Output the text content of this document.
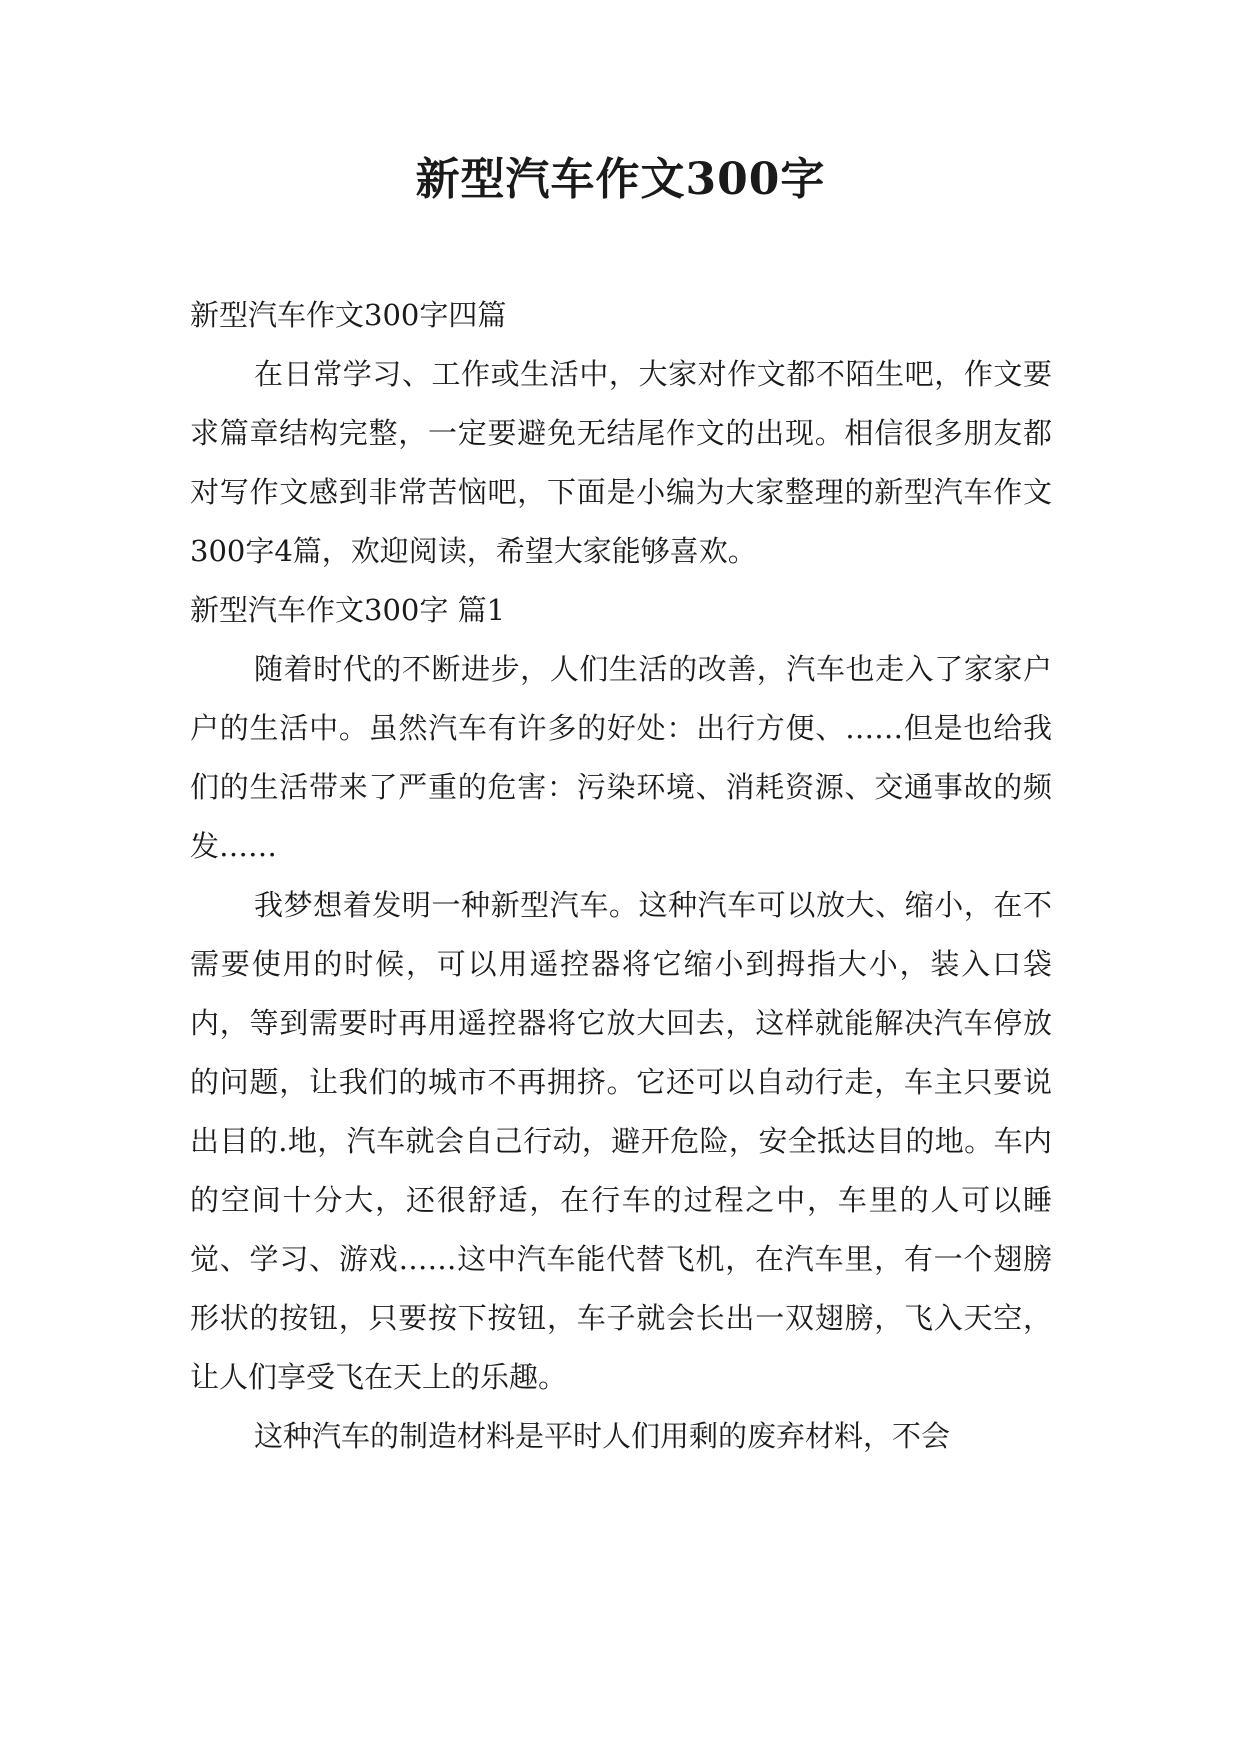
新型汽车作文300字

新型汽车作文300字四篇

在日常学习、工作或生活中，大家对作文都不陌生吧，作文要求篇章结构完整，一定要避免无结尾作文的出现。相信很多朋友都对写作文感到非常苦恼吧，下面是小编为大家整理的新型汽车作文300字4篇，欢迎阅读，希望大家能够喜欢。

新型汽车作文300字 篇1

随着时代的不断进步，人们生活的改善，汽车也走入了家家户户的生活中。虽然汽车有许多的好处：出行方便、……但是也给我们的生活带来了严重的危害：污染环境、消耗资源、交通事故的频发……

我梦想着发明一种新型汽车。这种汽车可以放大、缩小，在不需要使用的时候，可以用遥控器将它缩小到拇指大小，装入口袋内，等到需要时再用遥控器将它放大回去，这样就能解决汽车停放的问题，让我们的城市不再拥挤。它还可以自动行走，车主只要说出目的.地，汽车就会自己行动，避开危险，安全抵达目的地。车内的空间十分大，还很舒适，在行车的过程之中，车里的人可以睡觉、学习、游戏……这中汽车能代替飞机，在汽车里，有一个翅膀形状的按钮，只要按下按钮，车子就会长出一双翅膀，飞入天空，让人们享受飞在天上的乐趣。

这种汽车的制造材料是平时人们用剩的废弃材料，不会
